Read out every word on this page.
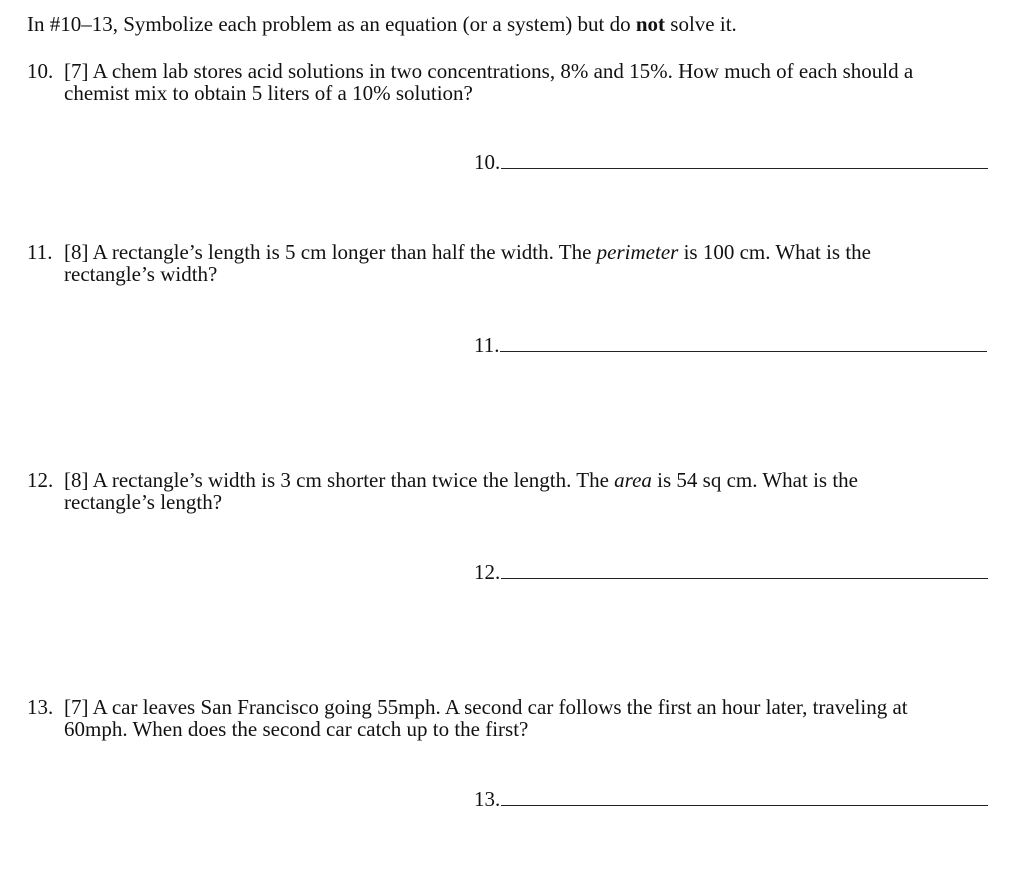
In #10–13, Symbolize each problem as an equation (or a system) but do not solve it.

10. [7] A chem lab stores acid solutions in two concentrations, 8% and 15%. How much of each should a
chemist mix to obtain 5 liters of a 10% solution?
10.
11. [8] A rectangle’s length is 5 cm longer than half the width. The perimeter is 100 cm. What is the
rectangle’s width?
11.
12. [8] A rectangle’s width is 3 cm shorter than twice the length. The area is 54 sq cm. What is the
rectangle’s length?
12.
13. [7] A car leaves San Francisco going 55mph. A second car follows the first an hour later, traveling at
60mph. When does the second car catch up to the first?
13.
